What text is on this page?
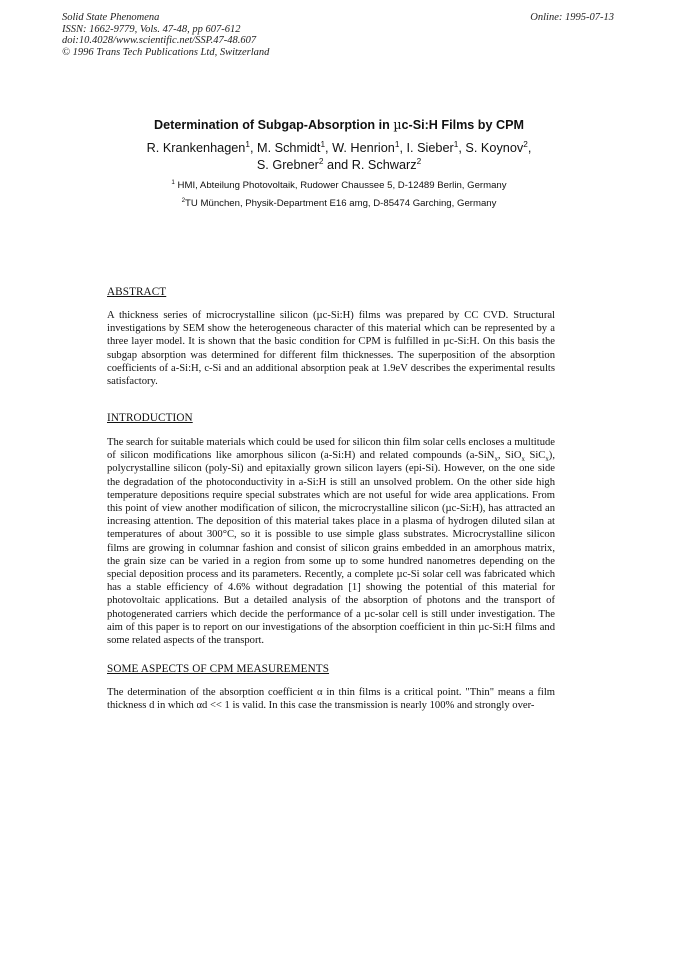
Solid State Phenomena
ISSN: 1662-9779, Vols. 47-48, pp 607-612
doi:10.4028/www.scientific.net/SSP.47-48.607
© 1996 Trans Tech Publications Ltd, Switzerland
Online: 1995-07-13
Determination of Subgap-Absorption in µc-Si:H Films by CPM
R. Krankenhagen$^1$, M. Schmidt$^1$, W. Henrion$^1$, I. Sieber$^1$, S. Koynov$^2$,
S. Grebner$^2$ and R. Schwarz$^2$
$^1$ HMI, Abteilung Photovoltaik, Rudower Chaussee 5, D-12489 Berlin, Germany
$^2$TU München, Physik-Department E16 amg, D-85474 Garching, Germany
ABSTRACT

A thickness series of microcrystalline silicon (µc-Si:H) films was prepared by CC CVD. Structural investigations by SEM show the heterogeneous character of this material which can be represented by a three layer model. It is shown that the basic condition for CPM is fulfilled in µc-Si:H. On this basis the subgap absorption was determined for different film thicknesses. The superposition of the absorption coefficients of a-Si:H, c-Si and an additional absorption peak at 1.9eV describes the experimental results satisfactory.

INTRODUCTION

The search for suitable materials which could be used for silicon thin film solar cells encloses a multitude of silicon modifications like amorphous silicon (a-Si:H) and related compounds (a-SiN$_x$, SiO$_x$ SiC$_x$), polycrystalline silicon (poly-Si) and epitaxially grown silicon layers (epi-Si). However, on the one side the degradation of the photoconductivity in a-Si:H is still an unsolved problem. On the other side high temperature depositions require special substrates which are not useful for wide area applications. From this point of view another modification of silicon, the microcrystalline silicon (µc-Si:H), has attracted an increasing attention. The deposition of this material takes place in a plasma of hydrogen diluted silan at temperatures of about 300°C, so it is possible to use simple glass substrates. Microcrystalline silicon films are growing in columnar fashion and consist of silicon grains embedded in an amorphous matrix, the grain size can be varied in a region from some up to some hundred nanometres depending on the special deposition process and its parameters. Recently, a complete µc-Si solar cell was fabricated which has a stable efficiency of 4.6% without degradation [1] showing the potential of this material for photovoltaic applications. But a detailed analysis of the absorption of photons and the transport of photogenerated carriers which decide the performance of a µc-solar cell is still under investigation. The aim of this paper is to report on our investigations of the absorption coefficient in thin µc-Si:H films and some related aspects of the transport.

SOME ASPECTS OF CPM MEASUREMENTS

The determination of the absorption coefficient α in thin films is a critical point. "Thin" means a film thickness d in which αd << 1 is valid. In this case the transmission is nearly 100% and strongly over-
